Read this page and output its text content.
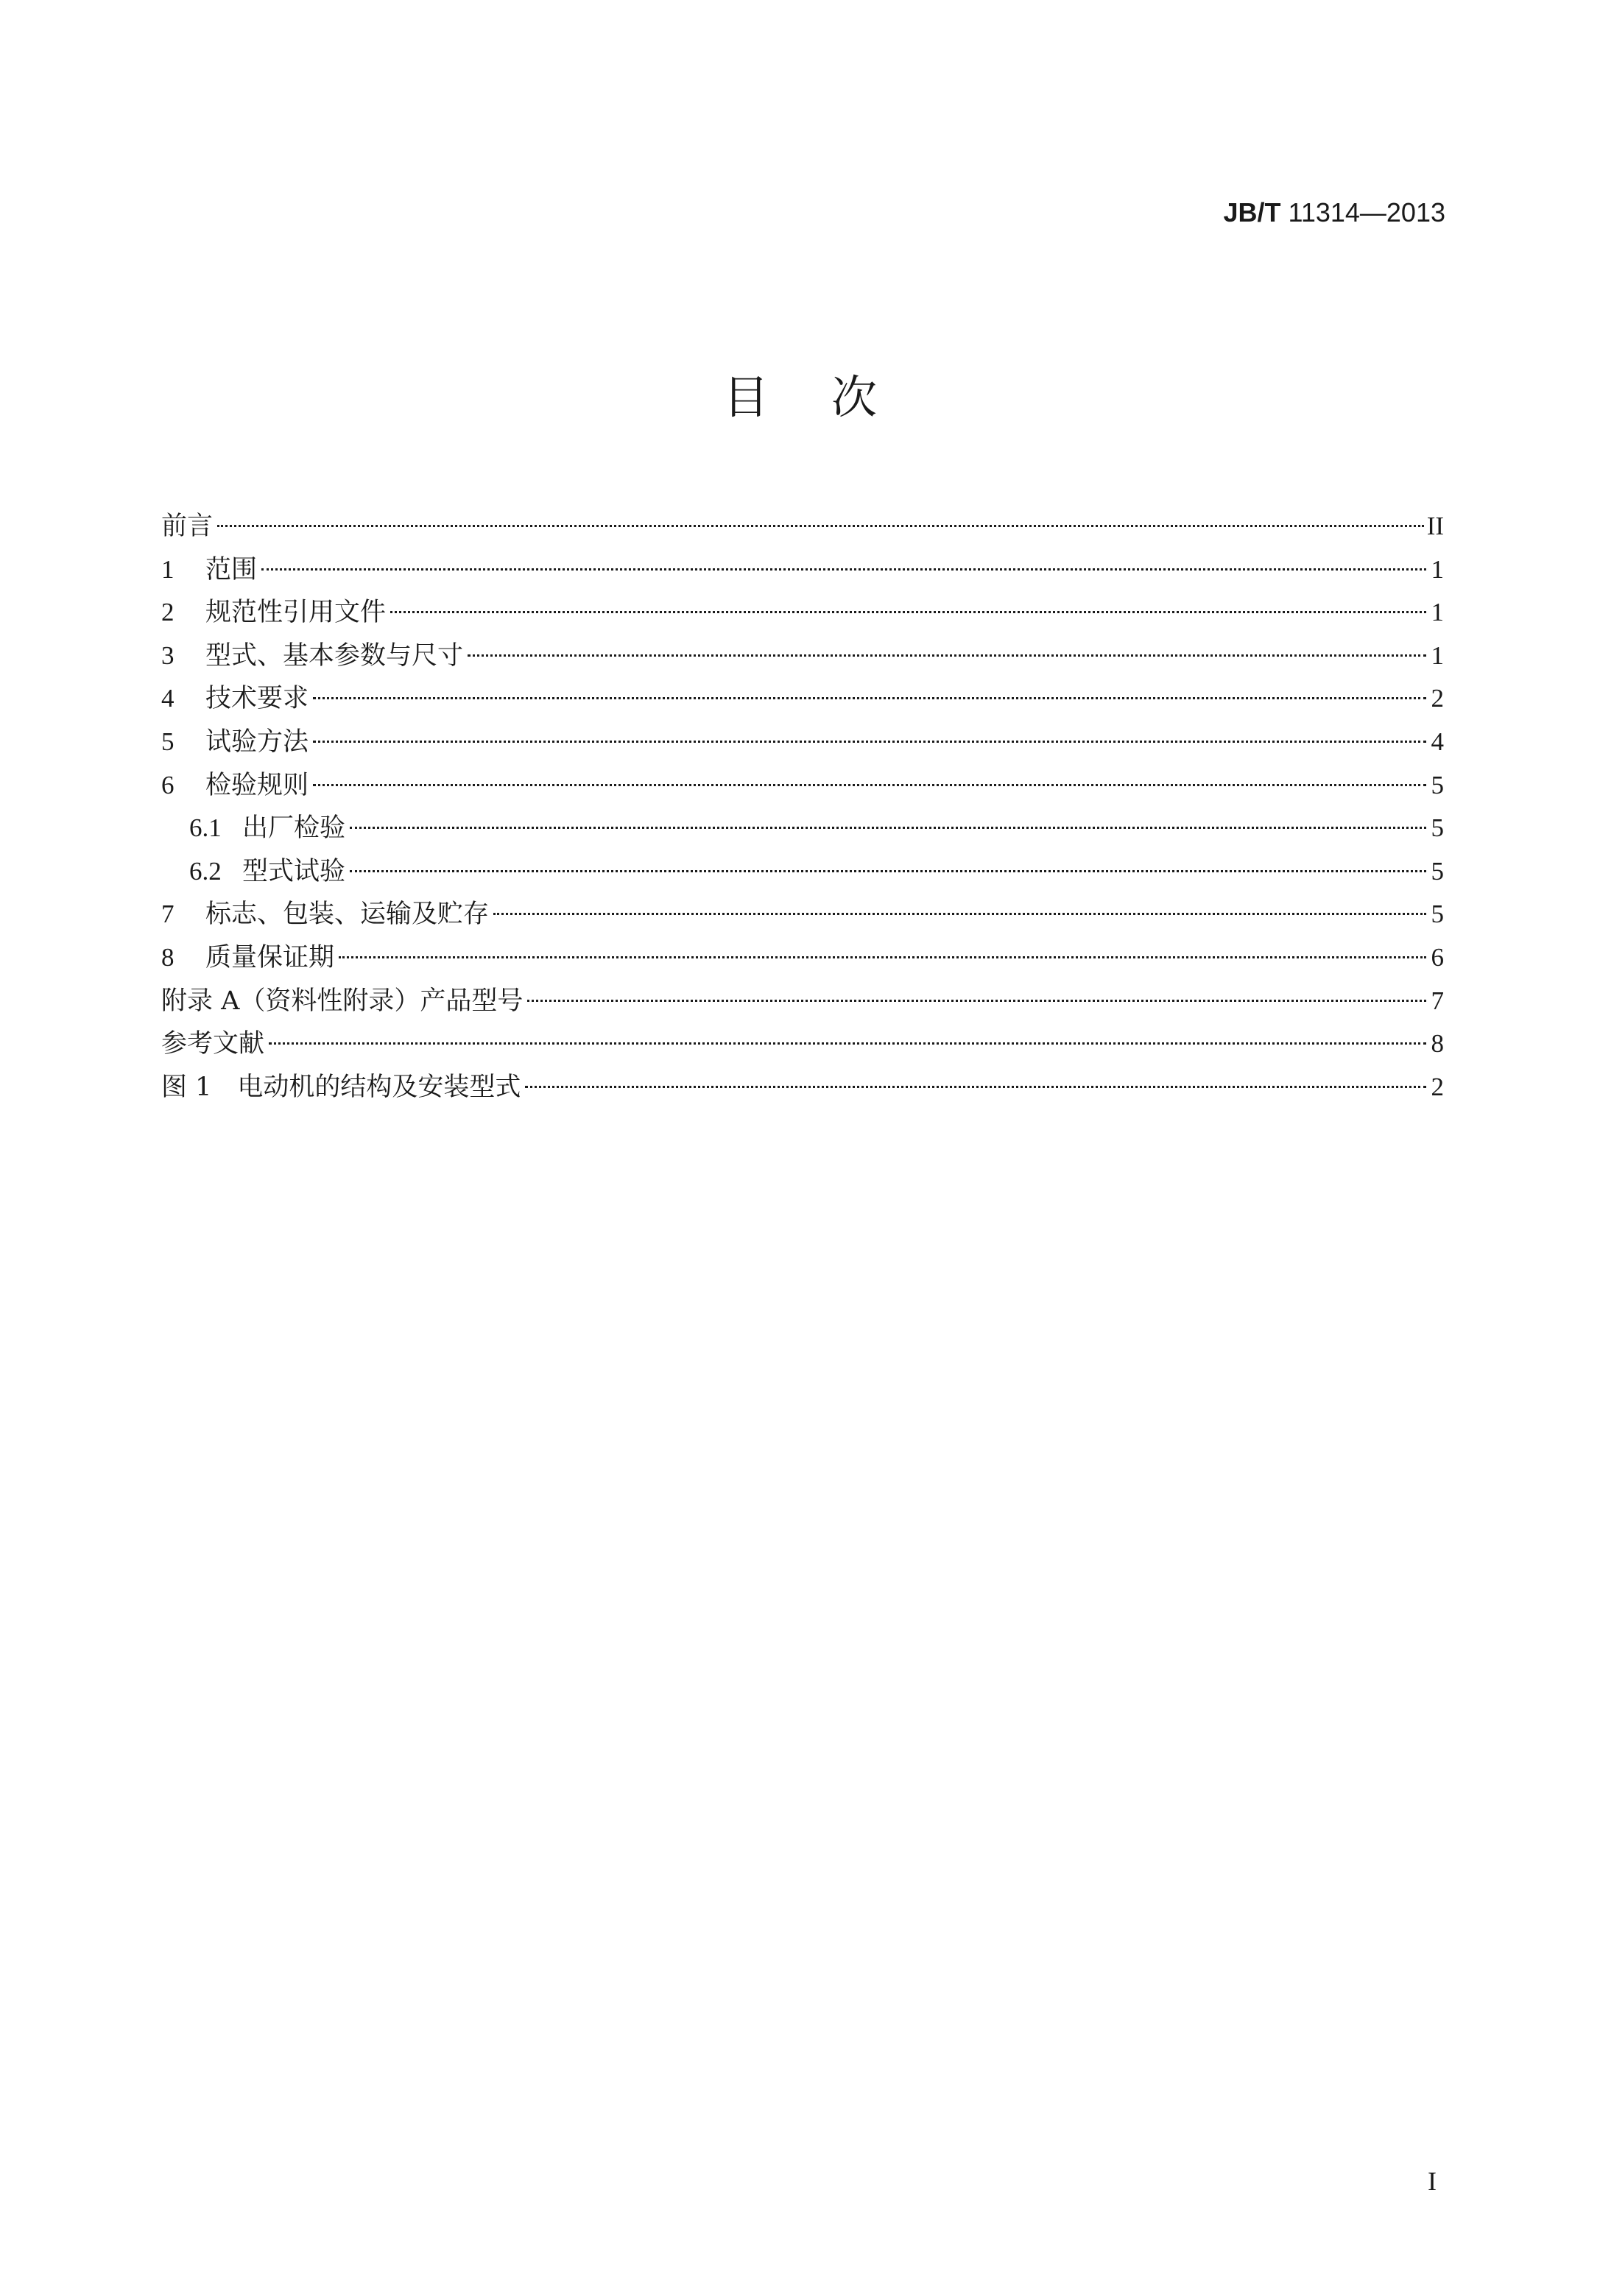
JB/T 11314—2013
目次
前言	II
1	范围	1
2	规范性引用文件	1
3	型式、基本参数与尺寸	1
4	技术要求	2
5	试验方法	4
6	检验规则	5
6.1 出厂检验	5
6.2 型式试验	5
7	标志、包装、运输及贮存	5
8	质量保证期	6
附录 A（资料性附录）产品型号	7
参考文献	8
图 1　电动机的结构及安装型式	2
I
